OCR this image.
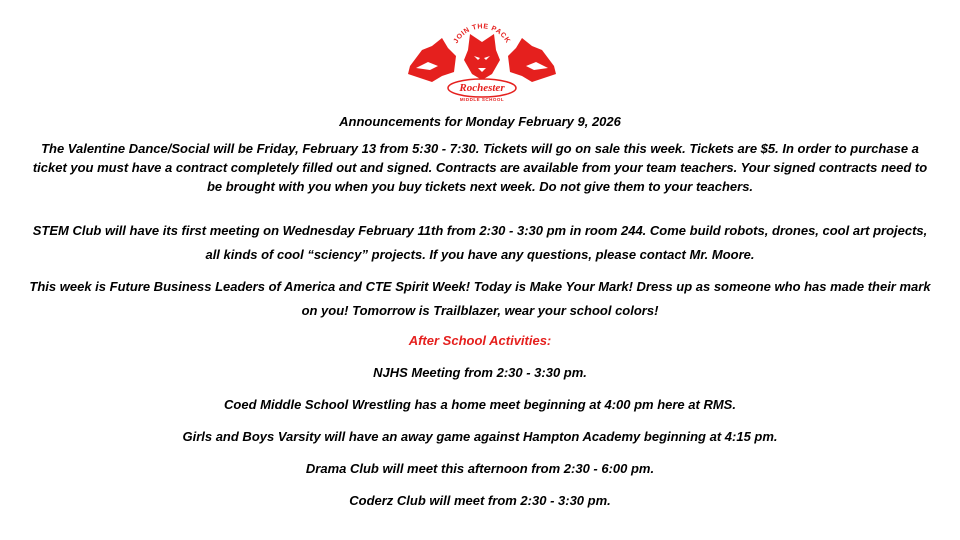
JOIN THE PACK
Rochester
MIDDLE SCHOOL
Announcements for Monday February 9, 2026
The Valentine Dance/Social will be Friday, February 13 from 5:30 - 7:30. Tickets will go on sale this week. Tickets are $5. In order to purchase a ticket you must have a contract completely filled out and signed. Contracts are available from your team teachers. Your signed contracts need to be brought with you when you buy tickets next week. Do not give them to your teachers.
STEM Club will have its first meeting on Wednesday February 11th from 2:30 - 3:30 pm in room 244. Come build robots, drones, cool art projects, all kinds of cool “sciency” projects. If you have any questions, please contact Mr. Moore.
This week is Future Business Leaders of America and CTE Spirit Week! Today is Make Your Mark! Dress up as someone who has made their mark on you! Tomorrow is Trailblazer, wear your school colors!
After School Activities:
NJHS Meeting from 2:30 - 3:30 pm.
Coed Middle School Wrestling has a home meet beginning at 4:00 pm here at RMS.
Girls and Boys Varsity will have an away game against Hampton Academy beginning at 4:15 pm.
Drama Club will meet this afternoon from 2:30 - 6:00 pm.
Coderz Club will meet from 2:30 - 3:30 pm.
